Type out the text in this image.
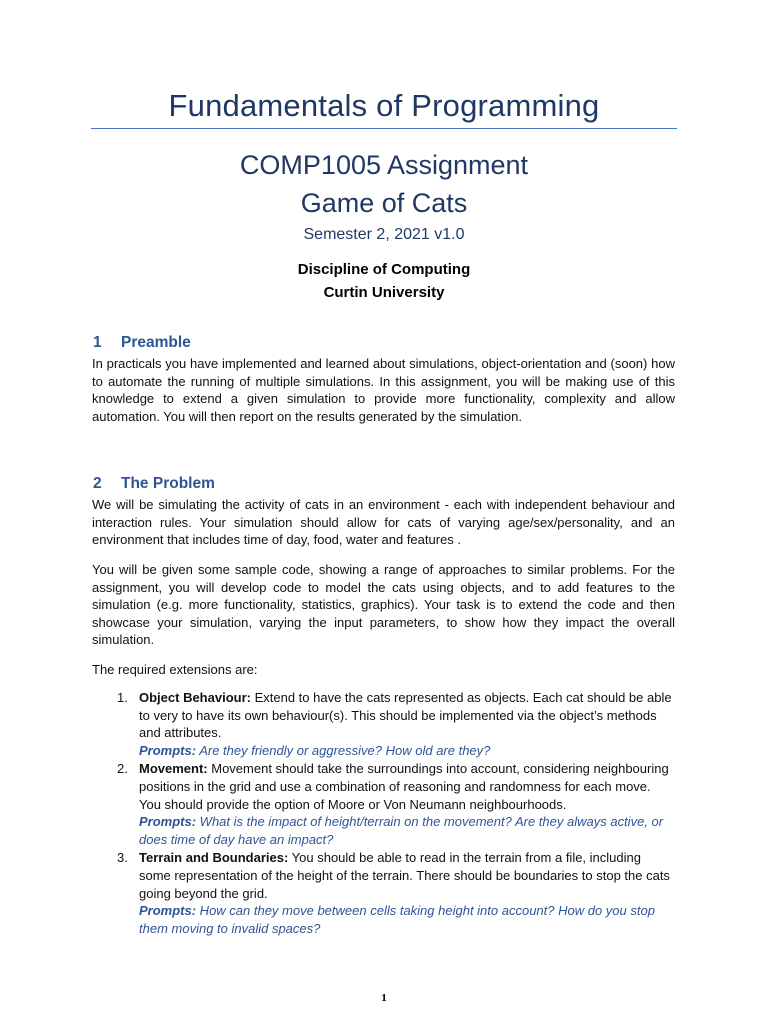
Fundamentals of Programming
COMP1005 Assignment
Game of Cats
Semester 2, 2021 v1.0
Discipline of Computing
Curtin University
1 Preamble

In practicals you have implemented and learned about simulations, object-orientation and (soon) how to automate the running of multiple simulations. In this assignment, you will be making use of this knowledge to extend a given simulation to provide more functionality, complexity and allow automation. You will then report on the results generated by the simulation.

2 The Problem

We will be simulating the activity of cats in an environment - each with independent behaviour and interaction rules. Your simulation should allow for cats of varying age/sex/personality, and an environment that includes time of day, food, water and features .

You will be given some sample code, showing a range of approaches to similar problems. For the assignment, you will develop code to model the cats using objects, and to add features to the simulation (e.g. more functionality, statistics, graphics). Your task is to extend the code and then showcase your simulation, varying the input parameters, to show how they impact the overall simulation.

The required extensions are:

1. Object Behaviour: Extend to have the cats represented as objects. Each cat should be able to very to have its own behaviour(s). This should be implemented via the object’s methods and attributes.
Prompts: Are they friendly or aggressive? How old are they?
2. Movement: Movement should take the surroundings into account, considering neighbouring positions in the grid and use a combination of reasoning and randomness for each move. You should provide the option of Moore or Von Neumann neighbourhoods.
Prompts: What is the impact of height/terrain on the movement? Are they always active, or does time of day have an impact?
3. Terrain and Boundaries: You should be able to read in the terrain from a file, including some representation of the height of the terrain. There should be boundaries to stop the cats going beyond the grid.
Prompts: How can they move between cells taking height into account? How do you stop them moving to invalid spaces?
1
